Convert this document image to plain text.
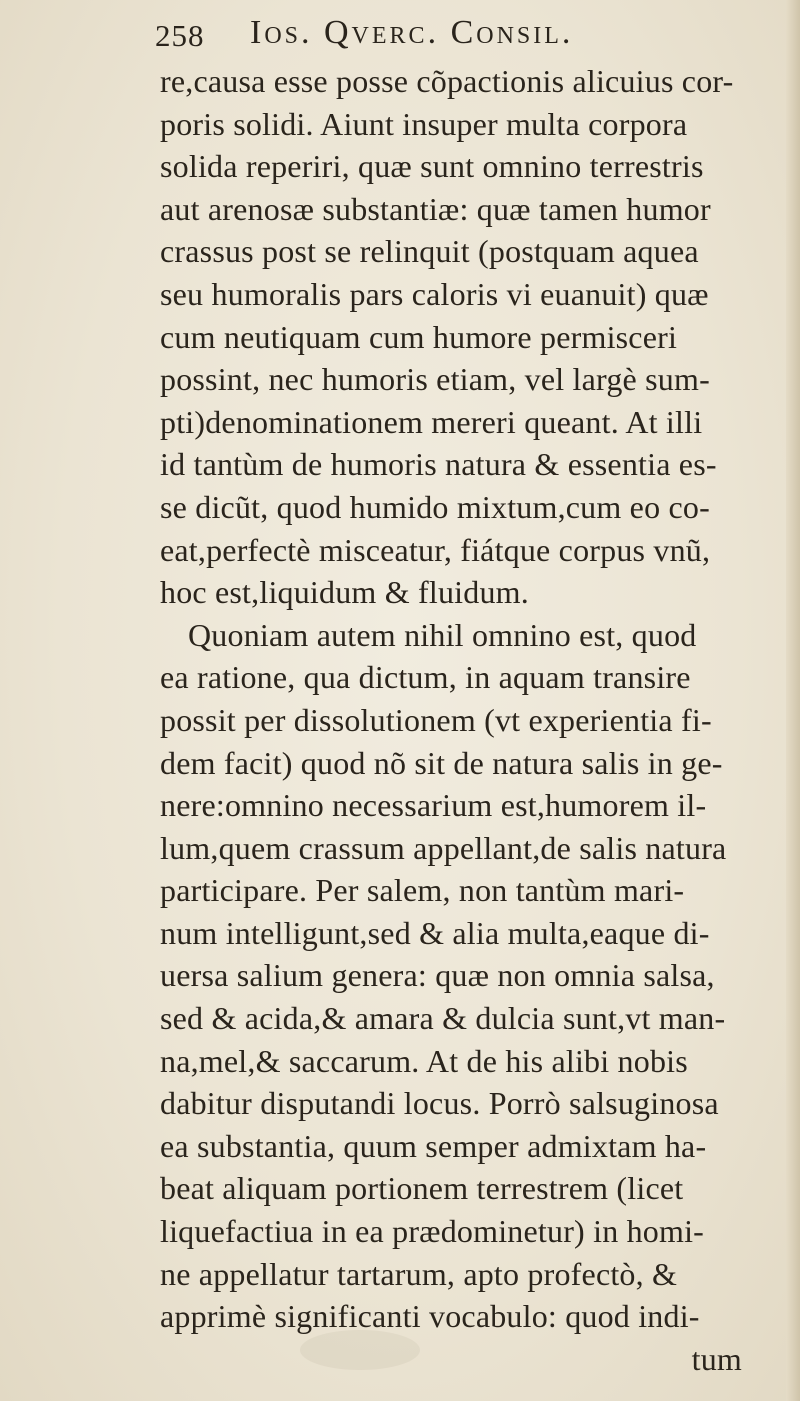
258 Ios. Qverc. Consil.
re,causa esse posse cõpactionis alicuius cor-
poris solidi. Aiunt insuper multa corpora
solida reperiri, quæ sunt omnino terrestris
aut arenosæ substantiæ: quæ tamen humor
crassus post se relinquit (postquam aquea
seu humoralis pars caloris vi euanuit) quæ
cum neutiquam cum humore permisceri
possint, nec humoris etiam, vel largè sum-
pti)denominationem mereri queant. At illi
id tantùm de humoris natura & essentia es-
se dicũt, quod humido mixtum,cum eo co-
eat,perfectè misceatur, fiátque corpus vnũ,
hoc est,liquidum & fluidum.
Quoniam autem nihil omnino est, quod
ea ratione, qua dictum, in aquam transire
possit per dissolutionem (vt experientia fi-
dem facit) quod nõ sit de natura salis in ge-
nere:omnino necessarium est,humorem il-
lum,quem crassum appellant,de salis natura
participare. Per salem, non tantùm mari-
num intelligunt,sed & alia multa,eaque di-
uersa salium genera: quæ non omnia salsa,
sed & acida,& amara & dulcia sunt,vt man-
na,mel,& saccarum. At de his alibi nobis
dabitur disputandi locus. Porrò salsuginosa
ea substantia, quum semper admixtam ha-
beat aliquam portionem terrestrem (licet
liquefactiua in ea prædominetur) in homi-
ne appellatur tartarum, apto profectò, &
apprimè significanti vocabulo: quod indi-
tum
